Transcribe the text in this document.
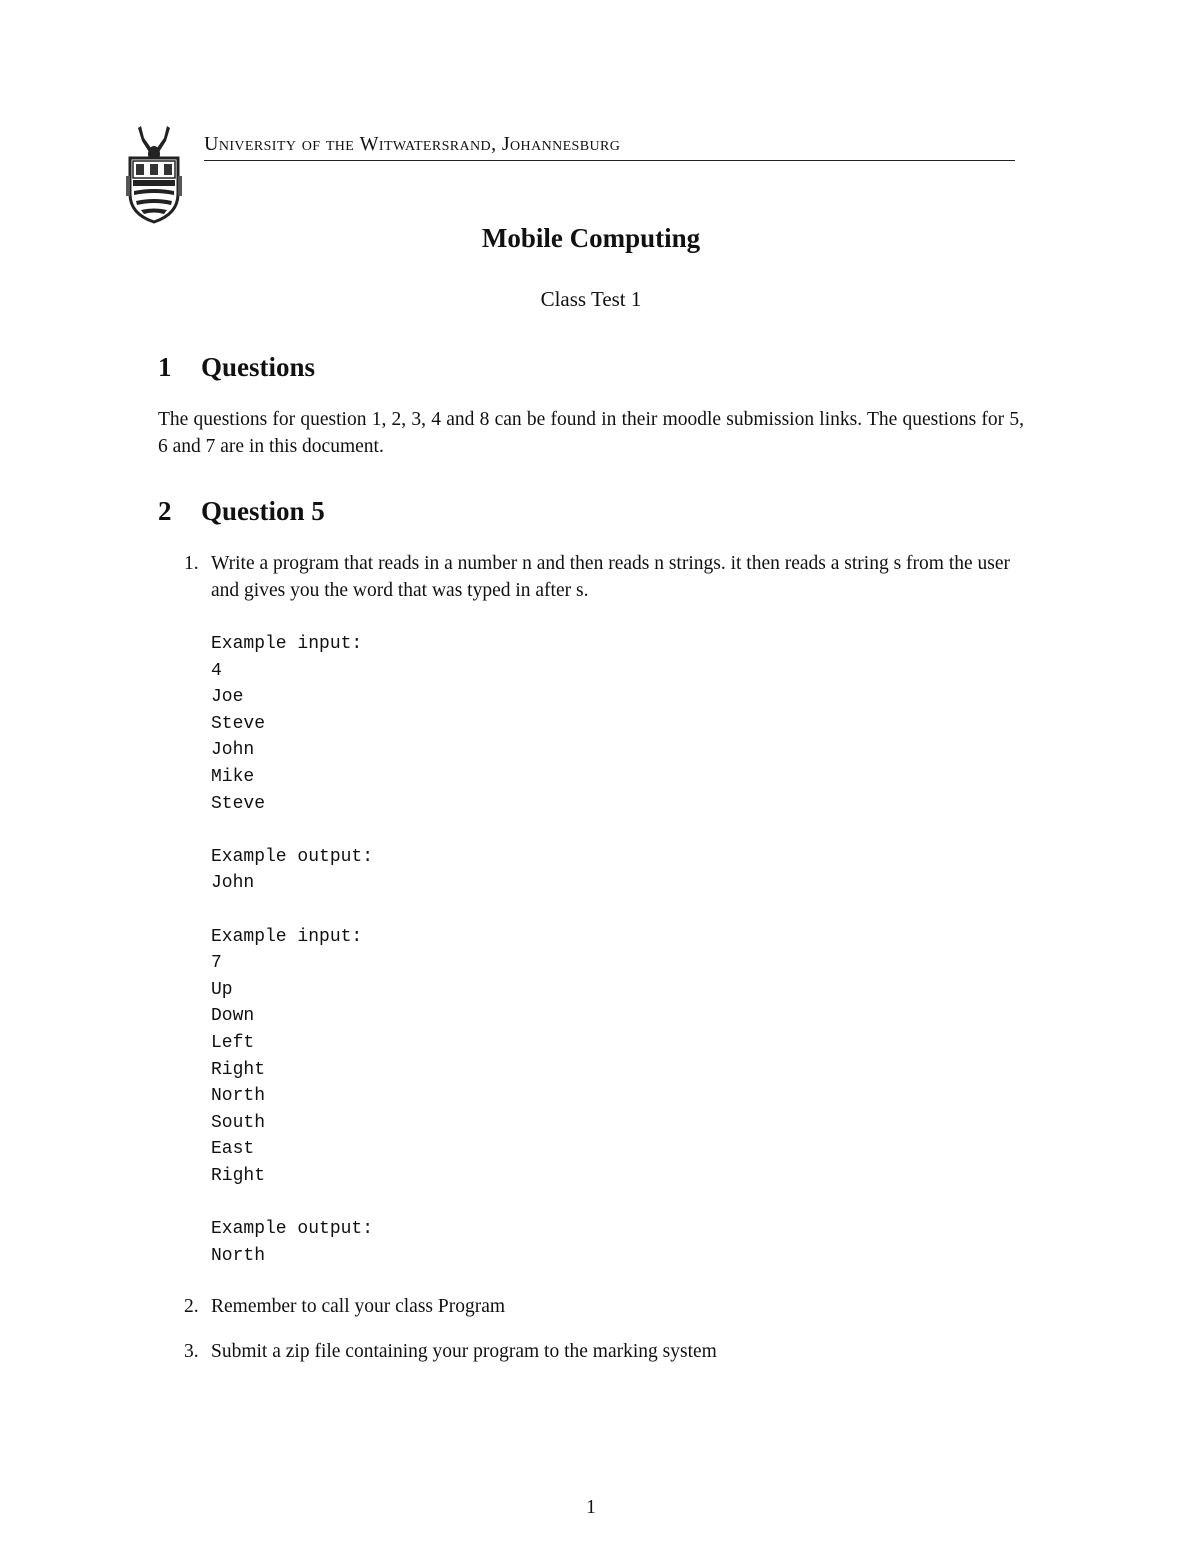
University of the Witwatersrand, Johannesburg
Mobile Computing
Class Test 1
1 Questions
The questions for question 1, 2, 3, 4 and 8 can be found in their moodle submission links. The questions for 5, 6 and 7 are in this document.
2 Question 5
1. Write a program that reads in a number n and then reads n strings. it then reads a string s from the user and gives you the word that was typed in after s.
Example input:
4
Joe
Steve
John
Mike
Steve

Example output:
John

Example input:
7
Up
Down
Left
Right
North
South
East
Right

Example output:
North
2. Remember to call your class Program
3. Submit a zip file containing your program to the marking system
1
